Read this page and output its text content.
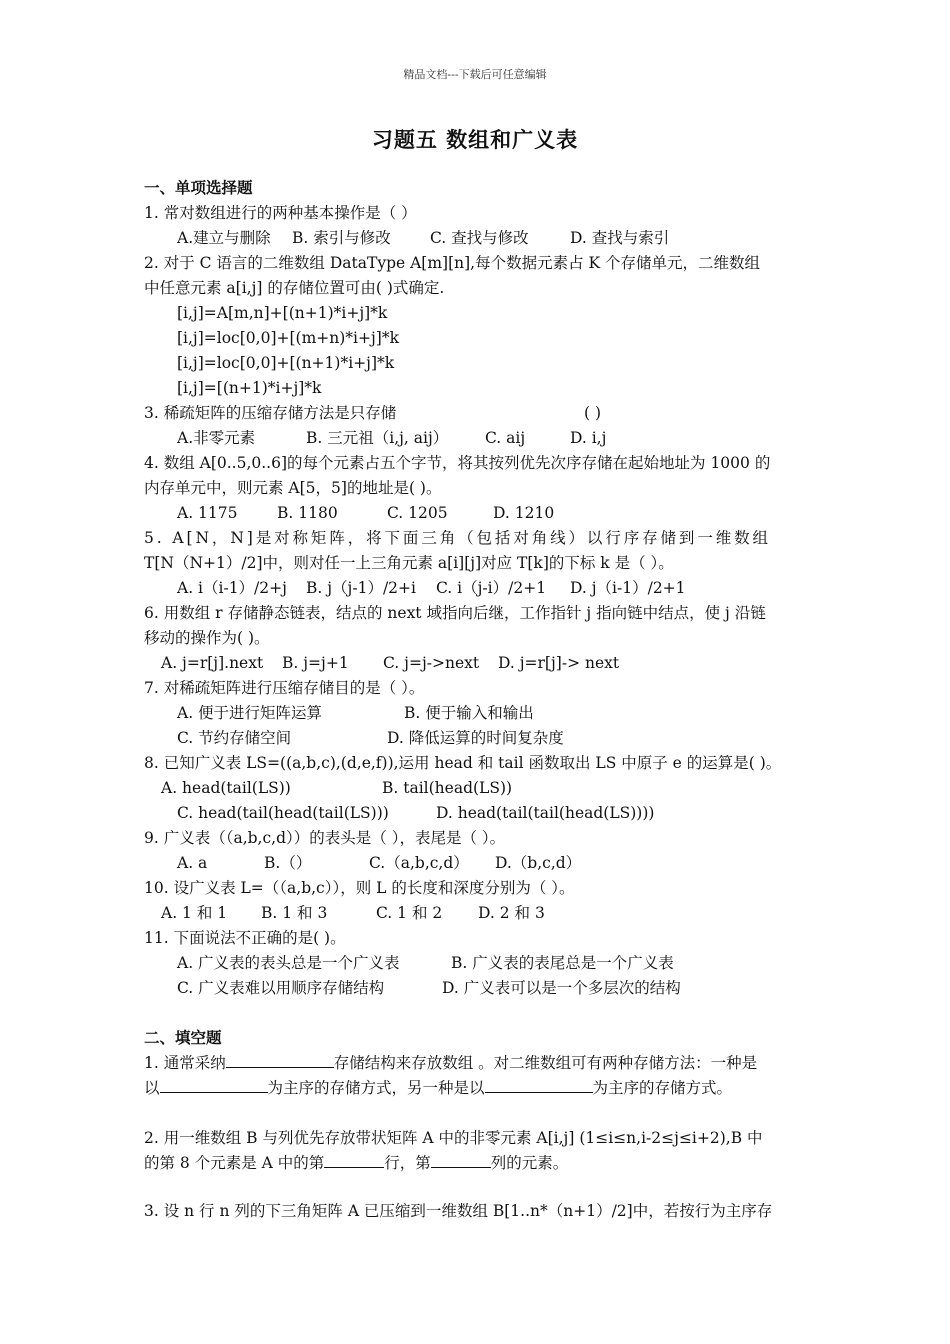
精品文档---下载后可任意编辑
习题五 数组和广义表
一、单项选择题
1. 常对数组进行的两种基本操作是（ ）
A.建立与删除 B. 索引与修改	C. 查找与修改	D. 查找与索引
2. 对于 C 语言的二维数组 DataType A[m][n],每个数据元素占 K 个存储单元，二维数组
中任意元素 a[i,j] 的存储位置可由( )式确定.
[i,j]=A[m,n]+[(n+1)*i+j]*k
[i,j]=loc[0,0]+[(m+n)*i+j]*k
[i,j]=loc[0,0]+[(n+1)*i+j]*k
[i,j]=[(n+1)*i+j]*k
3. 稀疏矩阵的压缩存储方法是只存储	( )
A.非零元素	B. 三元祖（i,j, aij） C. aij	D. i,j
4. 数组 A[0..5,0..6]的每个元素占五个字节，将其按列优先次序存储在起始地址为 1000 的
内存单元中，则元素 A[5，5]的地址是( )。
A. 1175	B. 1180	C. 1205	D. 1210
5. A[N，N]是对称矩阵，将下面三角（包括对角线）以行序存储到一维数组
T[N（N+1）/2]中，则对任一上三角元素 a[i][j]对应 T[k]的下标 k 是（ ）。
A. i（i-1）/2+j B. j（j-1）/2+i C. i（j-i）/2+1 D. j（i-1）/2+1
6. 用数组 r 存储静态链表，结点的 next 域指向后继，工作指针 j 指向链中结点，使 j 沿链
移动的操作为( )。
A. j=r[j].next B. j=j+1 C. j=j->next D. j=r[j]-> next
7. 对稀疏矩阵进行压缩存储目的是（ ）。
A. 便于进行矩阵运算	B. 便于输入和输出
C. 节约存储空间	D. 降低运算的时间复杂度
8. 已知广义表 LS=((a,b,c),(d,e,f)),运用 head 和 tail 函数取出 LS 中原子 e 的运算是( )。
A. head(tail(LS))	B. tail(head(LS))
C. head(tail(head(tail(LS)))	D. head(tail(tail(head(LS))))
9. 广义表（（a,b,c,d））的表头是（ ），表尾是（ ）。
A. a	B.（）	C.（a,b,c,d） D.（b,c,d）
10. 设广义表 L=（（a,b,c）），则 L 的长度和深度分别为（ ）。
A. 1 和 1 B. 1 和 3	C. 1 和 2 D. 2 和 3
11. 下面说法不正确的是( )。
A. 广义表的表头总是一个广义表	B. 广义表的表尾总是一个广义表
C. 广义表难以用顺序存储结构	D. 广义表可以是一个多层次的结构
二、填空题
1. 通常采纳	存储结构来存放数组 。对二维数组可有两种存储方法：一种是
以	为主序的存储方式，另一种是以	为主序的存储方式。
2. 用一维数组 B 与列优先存放带状矩阵 A 中的非零元素 A[i,j] (1≤i≤n,i-2≤j≤i+2),B 中
的第 8 个元素是 A 中的第	行，第	列的元素。
3. 设 n 行 n 列的下三角矩阵 A 已压缩到一维数组 B[1..n*（n+1）/2]中，若按行为主序存
